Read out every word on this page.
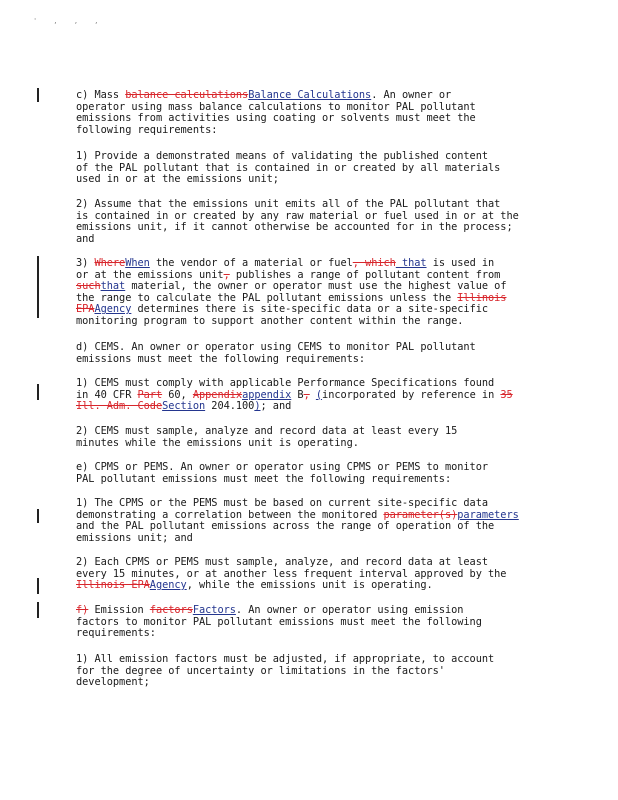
' , , ,
c) Mass balance calculationsBalance Calculations. An owner or
operator using mass balance calculations to monitor PAL pollutant
emissions from activities using coating or solvents must meet the
following requirements:
1) Provide a demonstrated means of validating the published content
of the PAL pollutant that is contained in or created by all materials
used in or at the emissions unit;
2) Assume that the emissions unit emits all of the PAL pollutant that
is contained in or created by any raw material or fuel used in or at the
emissions unit, if it cannot otherwise be accounted for in the process;
and
3) WhereWhen the vendor of a material or fuel, which that is used in
or at the emissions unit, publishes a range of pollutant content from
suchthat material, the owner or operator must use the highest value of
the range to calculate the PAL pollutant emissions unless the Illinois
EPAAgency determines there is site-specific data or a site-specific
monitoring program to support another content within the range.
d) CEMS. An owner or operator using CEMS to monitor PAL pollutant
emissions must meet the following requirements:
1) CEMS must comply with applicable Performance Specifications found
in 40 CFR Part 60, Appendixappendix B, (incorporated by reference in 35
Ill. Adm. CodeSection 204.100); and
2) CEMS must sample, analyze and record data at least every 15
minutes while the emissions unit is operating.
e) CPMS or PEMS. An owner or operator using CPMS or PEMS to monitor
PAL pollutant emissions must meet the following requirements:
1) The CPMS or the PEMS must be based on current site-specific data
demonstrating a correlation between the monitored parameter(s)parameters
and the PAL pollutant emissions across the range of operation of the
emissions unit; and
2) Each CPMS or PEMS must sample, analyze, and record data at least
every 15 minutes, or at another less frequent interval approved by the
Illinois EPAAgency, while the emissions unit is operating.
f) Emission factorsFactors. An owner or operator using emission
factors to monitor PAL pollutant emissions must meet the following
requirements:
1) All emission factors must be adjusted, if appropriate, to account
for the degree of uncertainty or limitations in the factors'
development;
